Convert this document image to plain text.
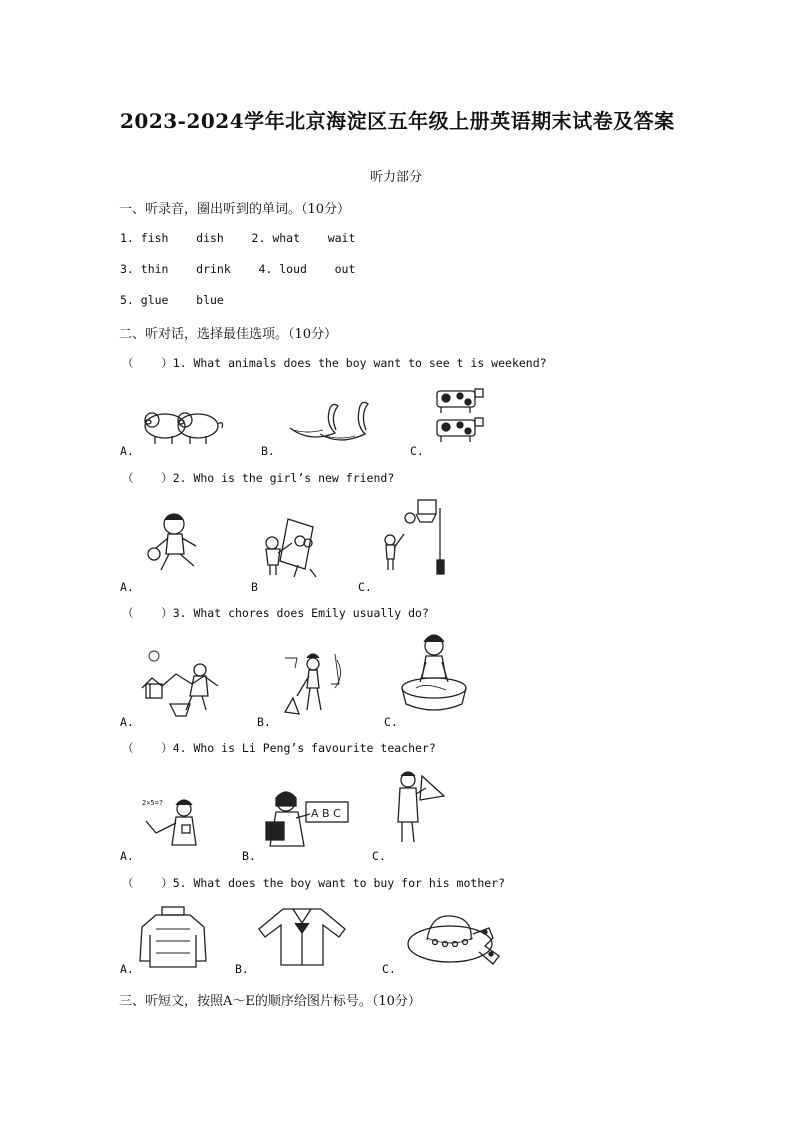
2023-2024学年北京海淀区五年级上册英语期末试卷及答案
听力部分
一、听录音，圈出听到的单词。（10分）
1. fish    dish    2. what    wait
3. thin    drink    4. loud    out
5. glue    blue
二、听对话，选择最佳选项。（10分）
（    ）1. What animals does the boy want to see t is weekend?
A.	B.	C.
（    ）2. Who is the girl’s new friend?
A.	B	C.
（    ）3. What chores does Emily usually do?
A.	B.	C.
（    ）4. Who is Li Peng’s favourite teacher?
2×5=?
A B C
A.	B.	C.
（    ）5. What does the boy want to buy for his mother?
A.	B.	C.
三、听短文，按照A～E的顺序给图片标号。（10分）
